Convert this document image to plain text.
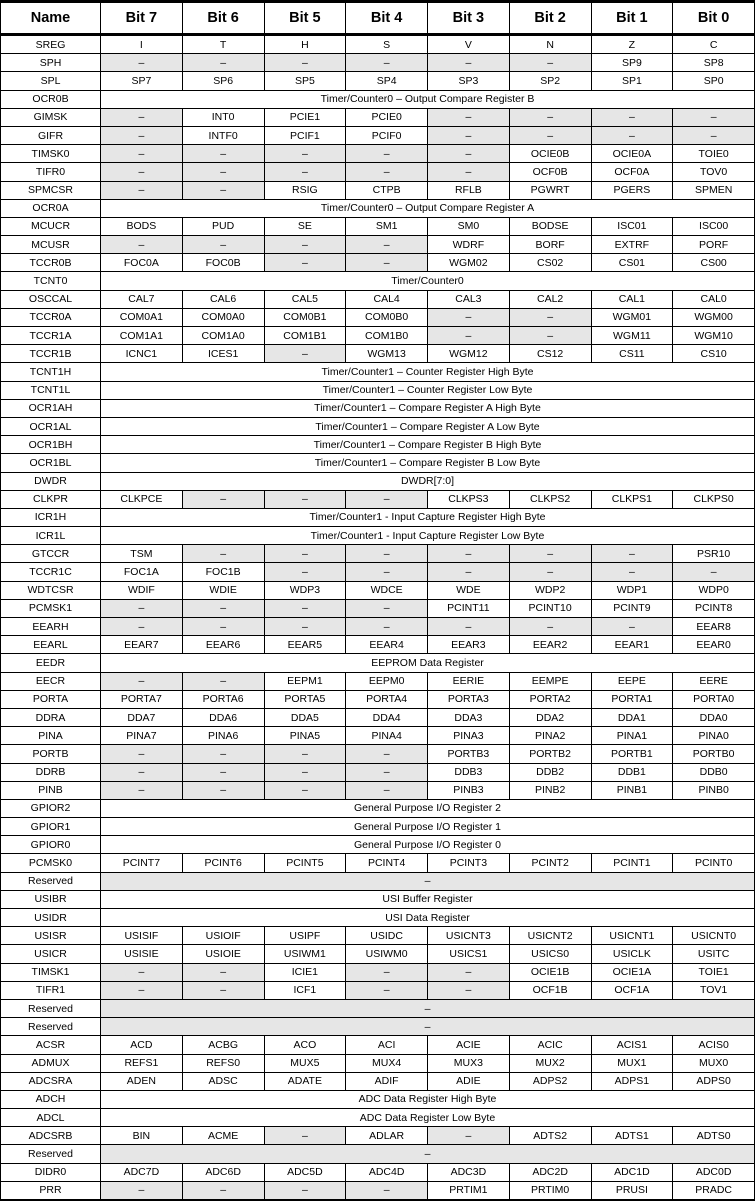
Name	Bit 7	Bit 6	Bit 5	Bit 4	Bit 3	Bit 2	Bit 1	Bit 0
SREG	I	T	H	S	V	N	Z	C
SPH	–	–	–	–	–	–	SP9	SP8
SPL	SP7	SP6	SP5	SP4	SP3	SP2	SP1	SP0
OCR0B	Timer/Counter0 – Output Compare Register B							
GIMSK	–	INT0	PCIE1	PCIE0	–	–	–	–
GIFR	–	INTF0	PCIF1	PCIF0	–	–	–	–
TIMSK0	–	–	–	–	–	OCIE0B	OCIE0A	TOIE0
TIFR0	–	–	–	–	–	OCF0B	OCF0A	TOV0
SPMCSR	–	–	RSIG	CTPB	RFLB	PGWRT	PGERS	SPMEN
OCR0A	Timer/Counter0 – Output Compare Register A							
MCUCR	BODS	PUD	SE	SM1	SM0	BODSE	ISC01	ISC00
MCUSR	–	–	–	–	WDRF	BORF	EXTRF	PORF
TCCR0B	FOC0A	FOC0B	–	–	WGM02	CS02	CS01	CS00
TCNT0	Timer/Counter0							
OSCCAL	CAL7	CAL6	CAL5	CAL4	CAL3	CAL2	CAL1	CAL0
TCCR0A	COM0A1	COM0A0	COM0B1	COM0B0	–	–	WGM01	WGM00
TCCR1A	COM1A1	COM1A0	COM1B1	COM1B0	–	–	WGM11	WGM10
TCCR1B	ICNC1	ICES1	–	WGM13	WGM12	CS12	CS11	CS10
TCNT1H	Timer/Counter1 – Counter Register High Byte							
TCNT1L	Timer/Counter1 – Counter Register Low Byte							
OCR1AH	Timer/Counter1 – Compare Register A High Byte							
OCR1AL	Timer/Counter1 – Compare Register A Low Byte							
OCR1BH	Timer/Counter1 – Compare Register B High Byte							
OCR1BL	Timer/Counter1 – Compare Register B Low Byte							
DWDR	DWDR[7:0]							
CLKPR	CLKPCE	–	–	–	CLKPS3	CLKPS2	CLKPS1	CLKPS0
ICR1H	Timer/Counter1 - Input Capture Register High Byte							
ICR1L	Timer/Counter1 - Input Capture Register Low Byte							
GTCCR	TSM	–	–	–	–	–	–	PSR10
TCCR1C	FOC1A	FOC1B	–	–	–	–	–	–
WDTCSR	WDIF	WDIE	WDP3	WDCE	WDE	WDP2	WDP1	WDP0
PCMSK1	–	–	–	–	PCINT11	PCINT10	PCINT9	PCINT8
EEARH	–	–	–	–	–	–	–	EEAR8
EEARL	EEAR7	EEAR6	EEAR5	EEAR4	EEAR3	EEAR2	EEAR1	EEAR0
EEDR	EEPROM Data Register							
EECR	–	–	EEPM1	EEPM0	EERIE	EEMPE	EEPE	EERE
PORTA	PORTA7	PORTA6	PORTA5	PORTA4	PORTA3	PORTA2	PORTA1	PORTA0
DDRA	DDA7	DDA6	DDA5	DDA4	DDA3	DDA2	DDA1	DDA0
PINA	PINA7	PINA6	PINA5	PINA4	PINA3	PINA2	PINA1	PINA0
PORTB	–	–	–	–	PORTB3	PORTB2	PORTB1	PORTB0
DDRB	–	–	–	–	DDB3	DDB2	DDB1	DDB0
PINB	–	–	–	–	PINB3	PINB2	PINB1	PINB0
GPIOR2	General Purpose I/O Register 2							
GPIOR1	General Purpose I/O Register 1							
GPIOR0	General Purpose I/O Register 0							
PCMSK0	PCINT7	PCINT6	PCINT5	PCINT4	PCINT3	PCINT2	PCINT1	PCINT0
Reserved	–							
USIBR	USI Buffer Register							
USIDR	USI Data Register							
USISR	USISIF	USIOIF	USIPF	USIDC	USICNT3	USICNT2	USICNT1	USICNT0
USICR	USISIE	USIOIE	USIWM1	USIWM0	USICS1	USICS0	USICLK	USITC
TIMSK1	–	–	ICIE1	–	–	OCIE1B	OCIE1A	TOIE1
TIFR1	–	–	ICF1	–	–	OCF1B	OCF1A	TOV1
Reserved	–							
Reserved	–							
ACSR	ACD	ACBG	ACO	ACI	ACIE	ACIC	ACIS1	ACIS0
ADMUX	REFS1	REFS0	MUX5	MUX4	MUX3	MUX2	MUX1	MUX0
ADCSRA	ADEN	ADSC	ADATE	ADIF	ADIE	ADPS2	ADPS1	ADPS0
ADCH	ADC Data Register High Byte							
ADCL	ADC Data Register Low Byte							
ADCSRB	BIN	ACME	–	ADLAR	–	ADTS2	ADTS1	ADTS0
Reserved	–							
DIDR0	ADC7D	ADC6D	ADC5D	ADC4D	ADC3D	ADC2D	ADC1D	ADC0D
PRR	–	–	–	–	PRTIM1	PRTIM0	PRUSI	PRADC
